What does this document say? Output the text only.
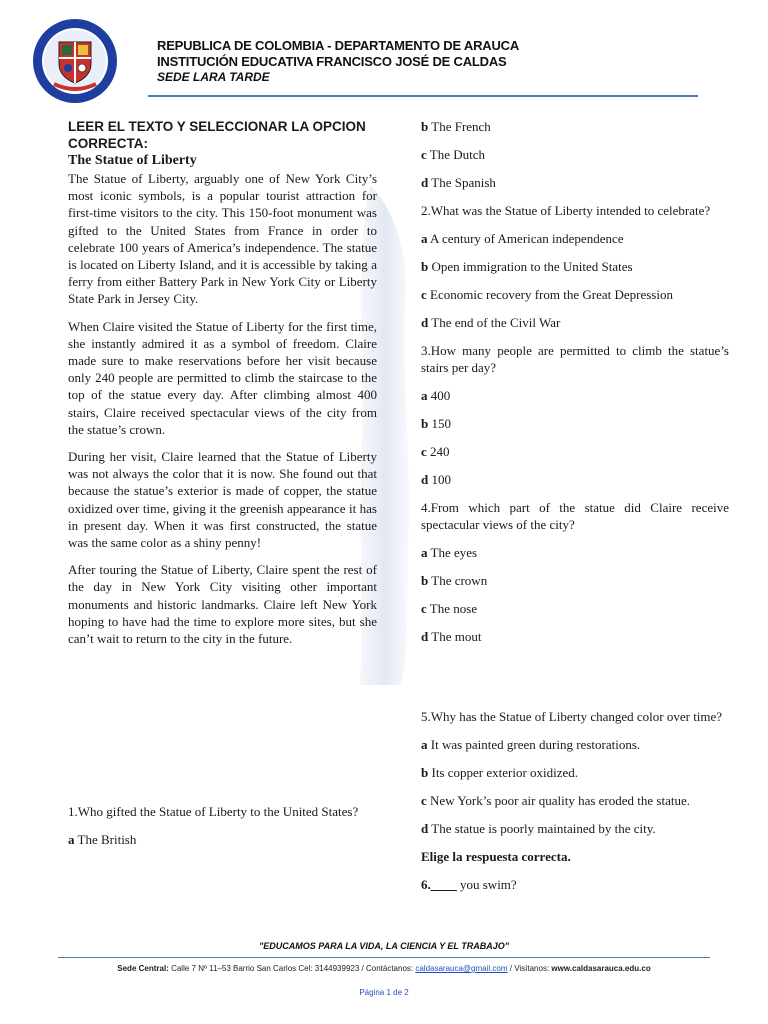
REPUBLICA DE COLOMBIA - DEPARTAMENTO DE ARAUCA
INSTITUCIÓN EDUCATIVA FRANCISCO JOSÉ DE CALDAS
SEDE LARA TARDE

LEER EL TEXTO Y SELECCIONAR LA OPCION CORRECTA:

The Statue of Liberty

The Statue of Liberty, arguably one of New York City’s most iconic symbols, is a popular tourist attraction for first-time visitors to the city. This 150-foot monument was gifted to the United States from France in order to celebrate 100 years of America’s independence. The statue is located on Liberty Island, and it is accessible by taking a ferry from either Battery Park in New York City or Liberty State Park in Jersey City.

When Claire visited the Statue of Liberty for the first time, she instantly admired it as a symbol of freedom. Claire made sure to make reservations before her visit because only 240 people are permitted to climb the staircase to the top of the statue every day. After climbing almost 400 stairs, Claire received spectacular views of the city from the statue’s crown.

During her visit, Claire learned that the Statue of Liberty was not always the color that it is now. She found out that because the statue’s exterior is made of copper, the statue oxidized over time, giving it the greenish appearance it has in present day. When it was first constructed, the statue was the same color as a shiny penny!

After touring the Statue of Liberty, Claire spent the rest of the day in New York City visiting other important monuments and historic landmarks. Claire left New York hoping to have had the time to explore more sites, but she can’t wait to return to the city in the future.

1.Who gifted the Statue of Liberty to the United States?

a The British

b The French

c The Dutch

d The Spanish

2.What was the Statue of Liberty intended to celebrate?

a A century of American independence

b Open immigration to the United States

c Economic recovery from the Great Depression

d The end of the Civil War

3.How many people are permitted to climb the statue’s stairs per day?

a 400

b 150

c 240

d 100

4.From which part of the statue did Claire receive spectacular views of the city?

a The eyes

b The crown

c The nose

d The mout

5.Why has the Statue of Liberty changed color over time?

a It was painted green during restorations.

b Its copper exterior oxidized.

c New York’s poor air quality has eroded the statue.

d The statue is poorly maintained by the city.

Elige la respuesta correcta.

6.____ you swim?

"EDUCAMOS PARA LA VIDA, LA CIENCIA Y EL TRABAJO"
Sede Central: Calle 7 Nº 11–53 Barrio San Carlos Cel: 3144939923 / Contáctanos: caldasarauca@gmail.com / Visítanos: www.caldasarauca.edu.co
Página 1 de 2
